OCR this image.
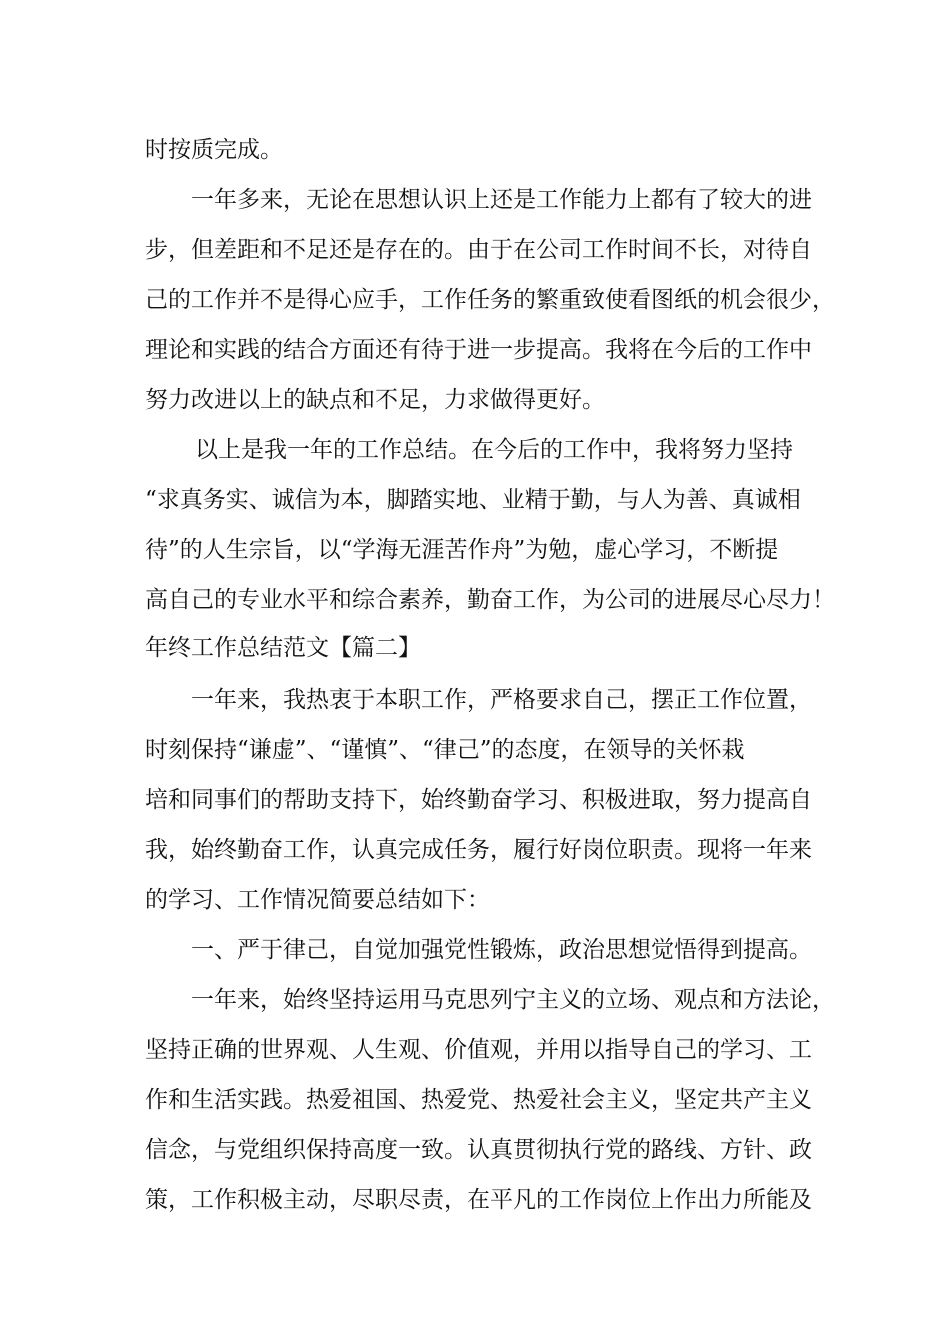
时按质完成。
一年多来，无论在思想认识上还是工作能力上都有了较大的进
步，但差距和不足还是存在的。由于在公司工作时间不长，对待自
己的工作并不是得心应手，工作任务的繁重致使看图纸的机会很少，
理论和实践的结合方面还有待于进一步提高。我将在今后的工作中
努力改进以上的缺点和不足，力求做得更好。
以上是我一年的工作总结。在今后的工作中，我将努力坚持
“求真务实、诚信为本，脚踏实地、业精于勤，与人为善、真诚相
待”的人生宗旨，以“学海无涯苦作舟”为勉，虚心学习，不断提
高自己的专业水平和综合素养，勤奋工作，为公司的进展尽心尽力！
年终工作总结范文【篇二】
一年来，我热衷于本职工作，严格要求自己，摆正工作位置，
时刻保持“谦虚”、“谨慎”、“律己”的态度，在领导的关怀栽
培和同事们的帮助支持下，始终勤奋学习、积极进取，努力提高自
我，始终勤奋工作，认真完成任务，履行好岗位职责。现将一年来
的学习、工作情况简要总结如下：
一、严于律己，自觉加强党性锻炼，政治思想觉悟得到提高。
一年来，始终坚持运用马克思列宁主义的立场、观点和方法论，
坚持正确的世界观、人生观、价值观，并用以指导自己的学习、工
作和生活实践。热爱祖国、热爱党、热爱社会主义，坚定共产主义
信念，与党组织保持高度一致。认真贯彻执行党的路线、方针、政
策，工作积极主动，尽职尽责，在平凡的工作岗位上作出力所能及
